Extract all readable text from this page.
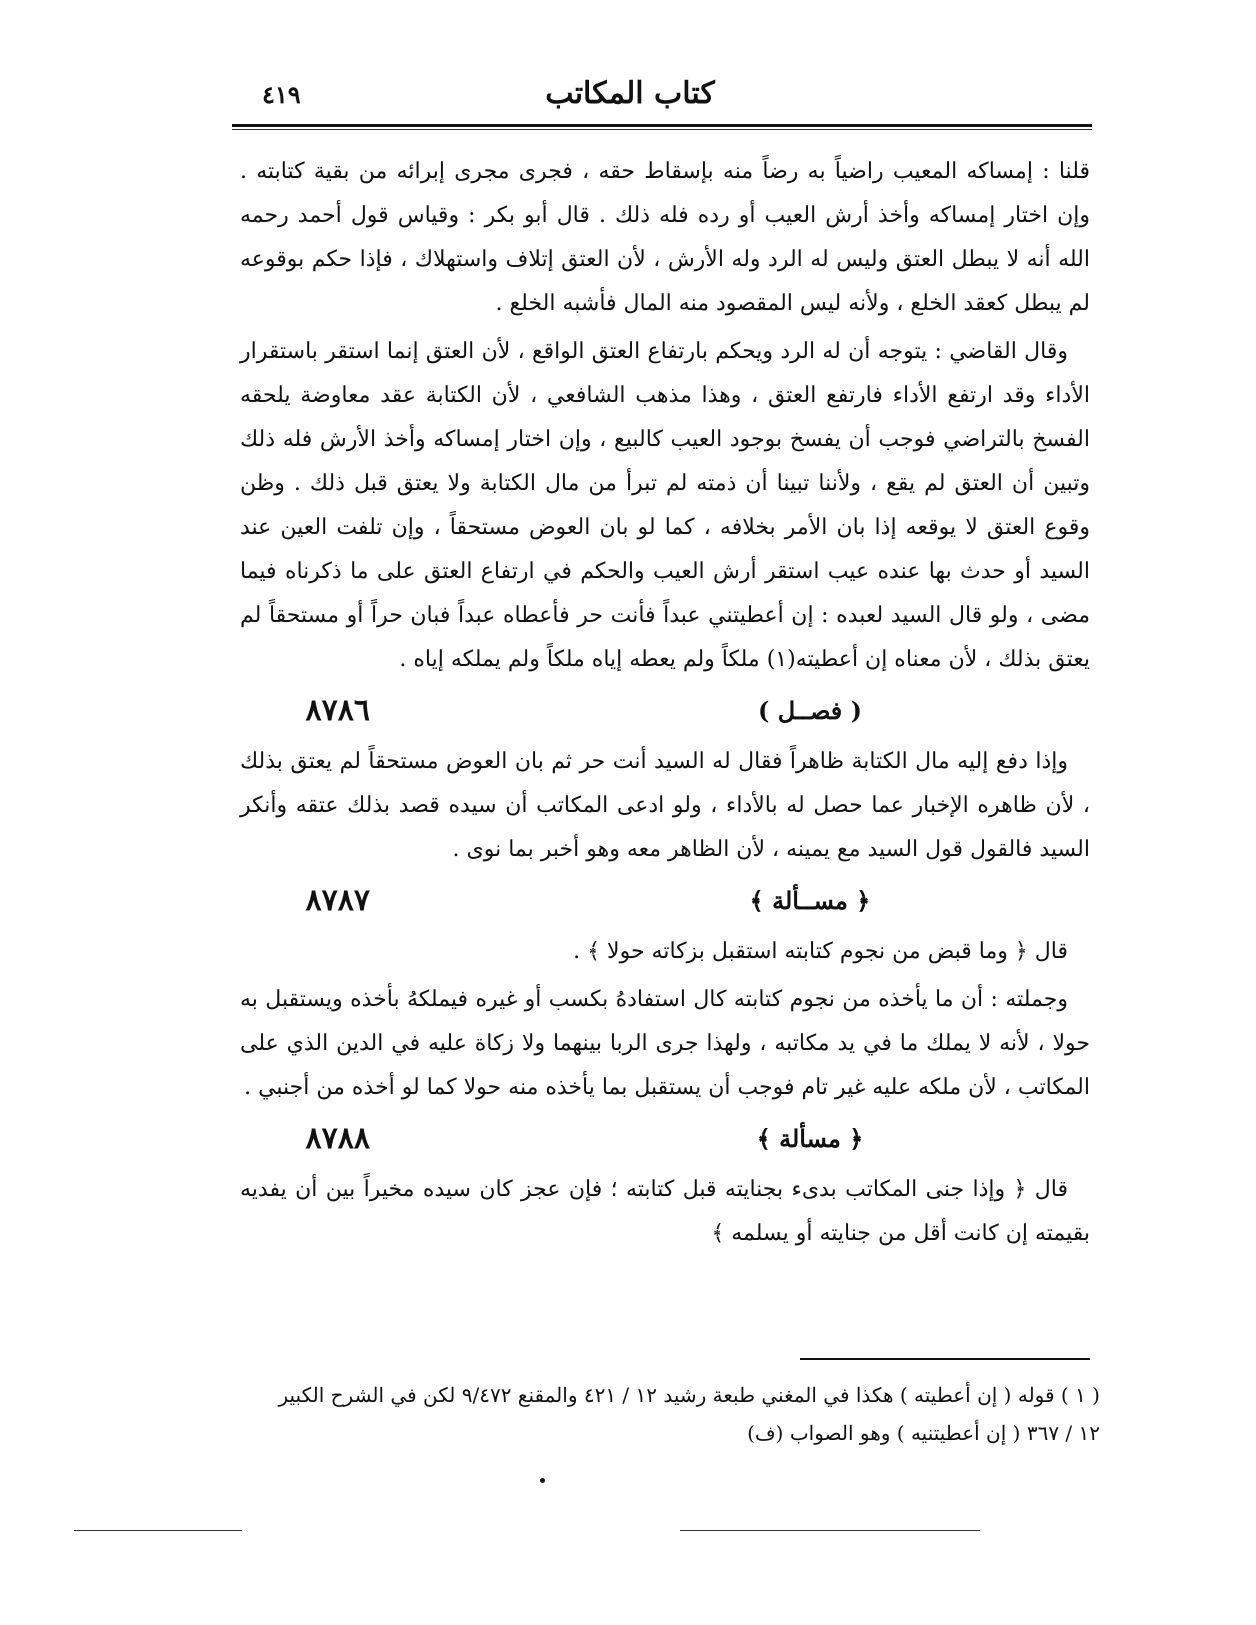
كتاب المكاتب
٤١٩

قلنا : إمساكه المعيب راضياً به رضاً منه بإسقاط حقه ، فجرى مجرى إبرائه من بقية كتابته . وإن اختار إمساكه وأخذ أرش العيب أو رده فله ذلك . قال أبو بكر : وقياس قول أحمد رحمه الله أنه لا يبطل العتق وليس له الرد وله الأرش ، لأن العتق إتلاف واستهلاك ، فإذا حكم بوقوعه لم يبطل كعقد الخلع ، ولأنه ليس المقصود منه المال فأشبه الخلع .

وقال القاضي : يتوجه أن له الرد ويحكم بارتفاع العتق الواقع ، لأن العتق إنما استقر باستقرار الأداء وقد ارتفع الأداء فارتفع العتق ، وهذا مذهب الشافعي ، لأن الكتابة عقد معاوضة يلحقه الفسخ بالتراضي فوجب أن يفسخ بوجود العيب كالبيع ، وإن اختار إمساكه وأخذ الأرش فله ذلك وتبين أن العتق لم يقع ، ولأننا تبينا أن ذمته لم تبرأ من مال الكتابة ولا يعتق قبل ذلك . وظن وقوع العتق لا يوقعه إذا بان الأمر بخلافه ، كما لو بان العوض مستحقاً ، وإن تلفت العين عند السيد أو حدث بها عنده عيب استقر أرش العيب والحكم في ارتفاع العتق على ما ذكرناه فيما مضى ، ولو قال السيد لعبده : إن أعطيتني عبداً فأنت حر فأعطاه عبداً فبان حراً أو مستحقاً لم يعتق بذلك ، لأن معناه إن أعطيته(١) ملكاً ولم يعطه إياه ملكاً ولم يملكه إياه .

( فصــل )
٨٧٨٦

وإذا دفع إليه مال الكتابة ظاهراً فقال له السيد أنت حر ثم بان العوض مستحقاً لم يعتق بذلك ، لأن ظاهره الإخبار عما حصل له بالأداء ، ولو ادعى المكاتب أن سيده قصد بذلك عتقه وأنكر السيد فالقول قول السيد مع يمينه ، لأن الظاهر معه وهو أخبر بما نوى .

﴿ مســألة ﴾
٨٧٨٧

قال ﴿ وما قبض من نجوم كتابته استقبل بزكاته حولا ﴾ .

وجملته : أن ما يأخذه من نجوم كتابته كال استفادهُ بكسب أو غيره فيملكهُ بأخذه ويستقبل به حولا ، لأنه لا يملك ما في يد مكاتبه ، ولهذا جرى الربا بينهما ولا زكاة عليه في الدين الذي على المكاتب ، لأن ملكه عليه غير تام فوجب أن يستقبل بما يأخذه منه حولا كما لو أخذه من أجنبي .

﴿ مسألة ﴾
٨٧٨٨

قال ﴿ وإذا جنى المكاتب بدىء بجنايته قبل كتابته ؛ فإن عجز كان سيده مخيراً بين أن يفديه بقيمته إن كانت أقل من جنايته أو يسلمه ﴾

( ١ ) قوله ( إن أعطيته ) هكذا في المغني طبعة رشيد ١٢ / ٤٢١ والمقنع ٩/٤٧٢ لكن في الشرح الكبير

١٢ / ٣٦٧ ( إن أعطيتنيه ) وهو الصواب (ف)
